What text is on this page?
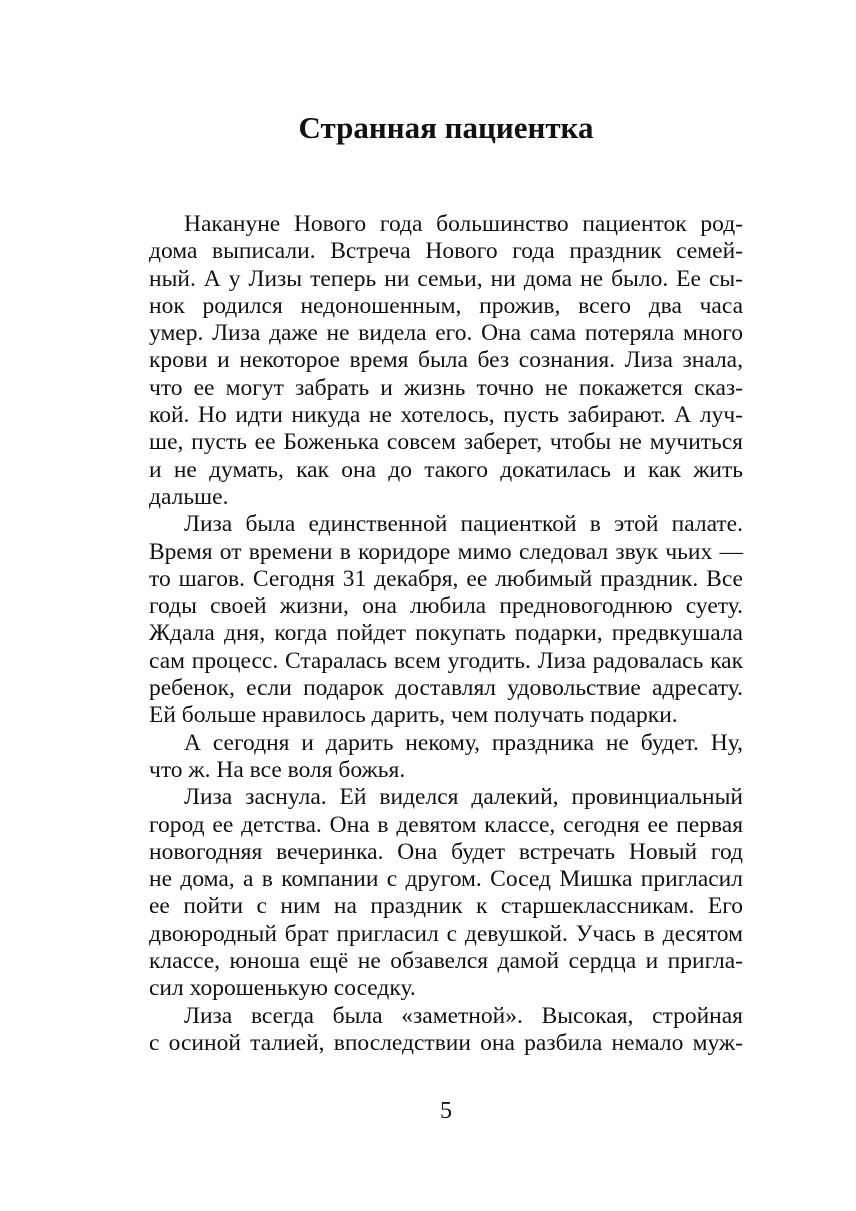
Странная пациентка
Накануне Нового года большинство пациенток род-
дома выписали. Встреча Нового года праздник семей-
ный. А у Лизы теперь ни семьи, ни дома не было. Ее сы-
нок родился недоношенным, прожив, всего два часа
умер. Лиза даже не видела его. Она сама потеряла много
крови и некоторое время была без сознания. Лиза знала,
что ее могут забрать и жизнь точно не покажется сказ-
кой. Но идти никуда не хотелось, пусть забирают. А луч-
ше, пусть ее Боженька совсем заберет, чтобы не мучиться
и не думать, как она до такого докатилась и как жить
дальше.
Лиза была единственной пациенткой в этой палате.
Время от времени в коридоре мимо следовал звук чьих —
то шагов. Сегодня 31 декабря, ее любимый праздник. Все
годы своей жизни, она любила предновогоднюю суету.
Ждала дня, когда пойдет покупать подарки, предвкушала
сам процесс. Старалась всем угодить. Лиза радовалась как
ребенок, если подарок доставлял удовольствие адресату.
Ей больше нравилось дарить, чем получать подарки.
А сегодня и дарить некому, праздника не будет. Ну,
что ж. На все воля божья.
Лиза заснула. Ей виделся далекий, провинциальный
город ее детства. Она в девятом классе, сегодня ее первая
новогодняя вечеринка. Она будет встречать Новый год
не дома, а в компании с другом. Сосед Мишка пригласил
ее пойти с ним на праздник к старшеклассникам. Его
двоюродный брат пригласил с девушкой. Учась в десятом
классе, юноша ещё не обзавелся дамой сердца и пригла-
сил хорошенькую соседку.
Лиза всегда была «заметной». Высокая, стройная
с осиной талией, впоследствии она разбила немало муж-
5
